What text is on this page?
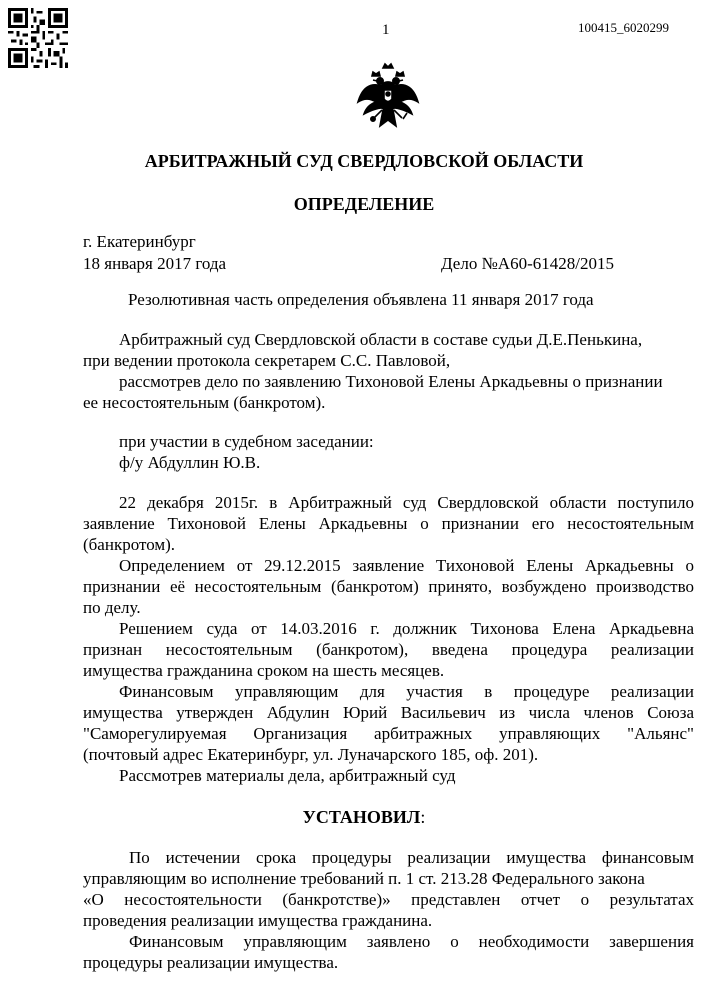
1	100415_6020299
АРБИТРАЖНЫЙ СУД СВЕРДЛОВСКОЙ ОБЛАСТИ
ОПРЕДЕЛЕНИЕ
г. Екатеринбург
18 января 2017 года	Дело №А60-61428/2015
Резолютивная часть определения объявлена 11 января 2017 года
Арбитражный суд Свердловской области в составе судьи Д.Е.Пенькина,
при ведении протокола секретарем С.С. Павловой,
рассмотрев дело по заявлению Тихоновой Елены Аркадьевны о признании
ее несостоятельным (банкротом).
при участии в судебном заседании:
ф/у Абдуллин Ю.В.
22 декабря 2015г. в Арбитражный суд Свердловской области поступило
заявление Тихоновой Елены Аркадьевны о признании его несостоятельным
(банкротом).
Определением от 29.12.2015 заявление Тихоновой Елены Аркадьевны о
признании её несостоятельным (банкротом) принято, возбуждено производство
по делу.
Решением суда от 14.03.2016 г. должник Тихонова Елена Аркадьевна
признан несостоятельным (банкротом), введена процедура реализации
имущества гражданина сроком на шесть месяцев.
Финансовым управляющим для участия в процедуре реализации
имущества утвержден Абдулин Юрий Васильевич из числа членов Союза
"Саморегулируемая Организация арбитражных управляющих "Альянс"
(почтовый адрес Екатеринбург, ул. Луначарского 185, оф. 201).
Рассмотрев материалы дела, арбитражный суд
УСТАНОВИЛ:
По истечении срока процедуры реализации имущества финансовым
управляющим во исполнение требований п. 1 ст. 213.28 Федерального закона
«О несостоятельности (банкротстве)» представлен отчет о результатах
проведения реализации имущества гражданина.
Финансовым управляющим заявлено о необходимости завершения
процедуры реализации имущества.
